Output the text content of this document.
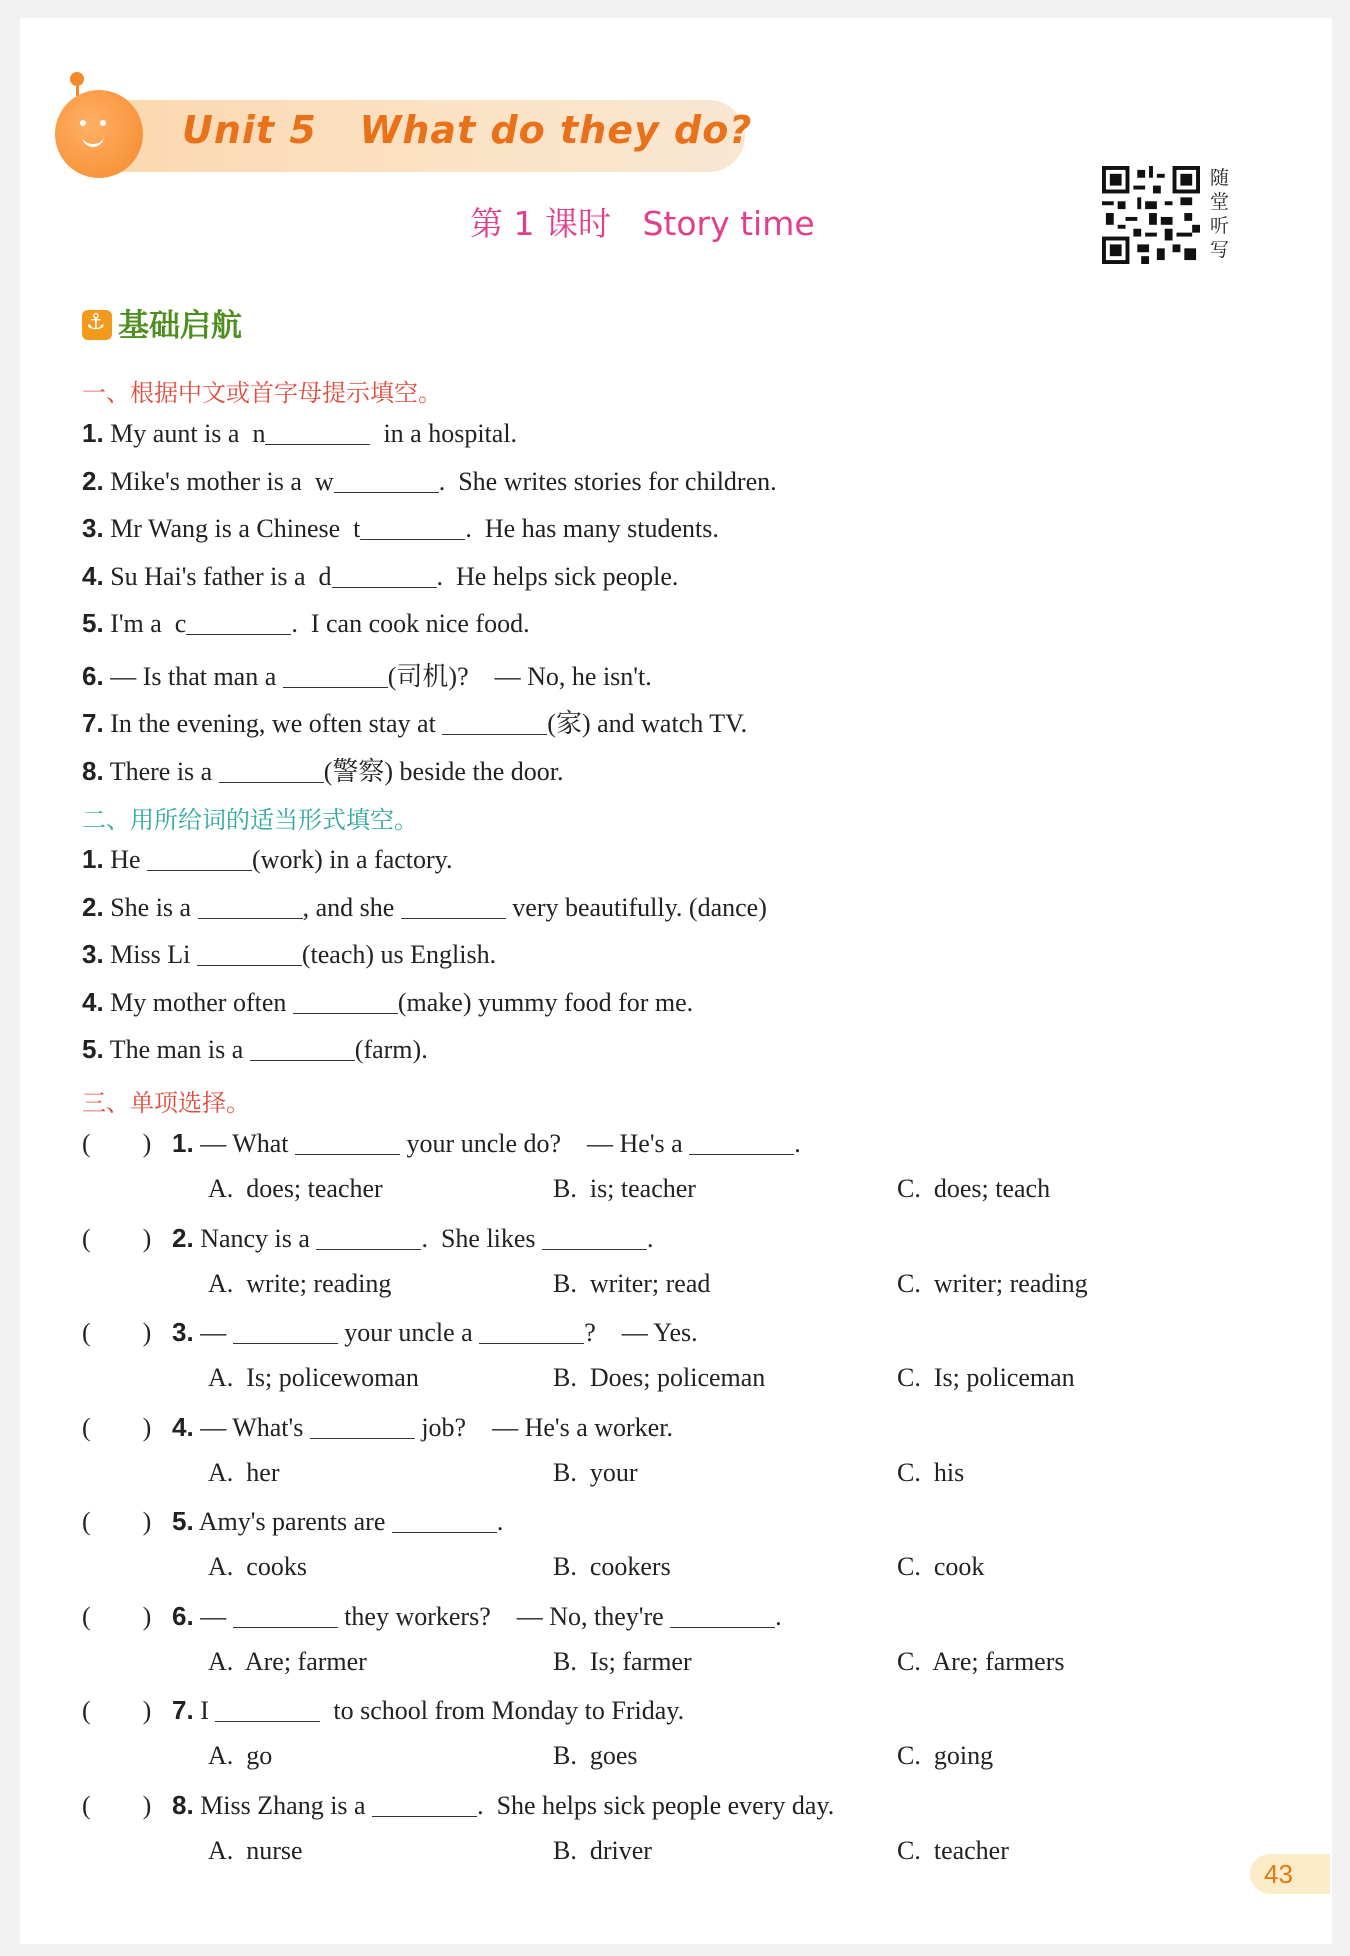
Unit 5   What do they do?
第 1 课时   Story time
随堂听写
⚓基础启航
一、根据中文或首字母提示填空。
1. My aunt is a  n	in a hospital.
2. Mike's mother is a  w	.  She writes stories for children.
3. Mr Wang is a Chinese  t	.  He has many students.
4. Su Hai's father is a  d	.  He helps sick people.
5. I'm a  c	.  I can cook nice food.
6. — Is that man a	(司机)?    — No, he isn't.
7. In the evening, we often stay at	(家) and watch TV.
8. There is a	(警察) beside the door.
二、用所给词的适当形式填空。
1. He	(work) in a factory.
2. She is a	, and she	very beautifully. (dance)
3. Miss Li	(teach) us English.
4. My mother often	(make) yummy food for me.
5. The man is a	(farm).
三、单项选择。
(        ) 1. — What	your uncle do?    — He's a	.
A.  does; teacher	B.  is; teacher	C.  does; teach
(        ) 2. Nancy is a	.  She likes	.
A.  write; reading	B.  writer; read	C.  writer; reading
(        ) 3. —	your uncle a	?    — Yes.
A.  Is; policewoman	B.  Does; policeman	C.  Is; policeman
(        ) 4. — What's	job?    — He's a worker.
A.  her	B.  your	C.  his
(        ) 5. Amy's parents are	.
A.  cooks	B.  cookers	C.  cook
(        ) 6. —	they workers?    — No, they're	.
A.  Are; farmer	B.  Is; farmer	C.  Are; farmers
(        ) 7. I	to school from Monday to Friday.
A.  go	B.  goes	C.  going
(        ) 8. Miss Zhang is a	.  She helps sick people every day.
A.  nurse	B.  driver	C.  teacher
43
